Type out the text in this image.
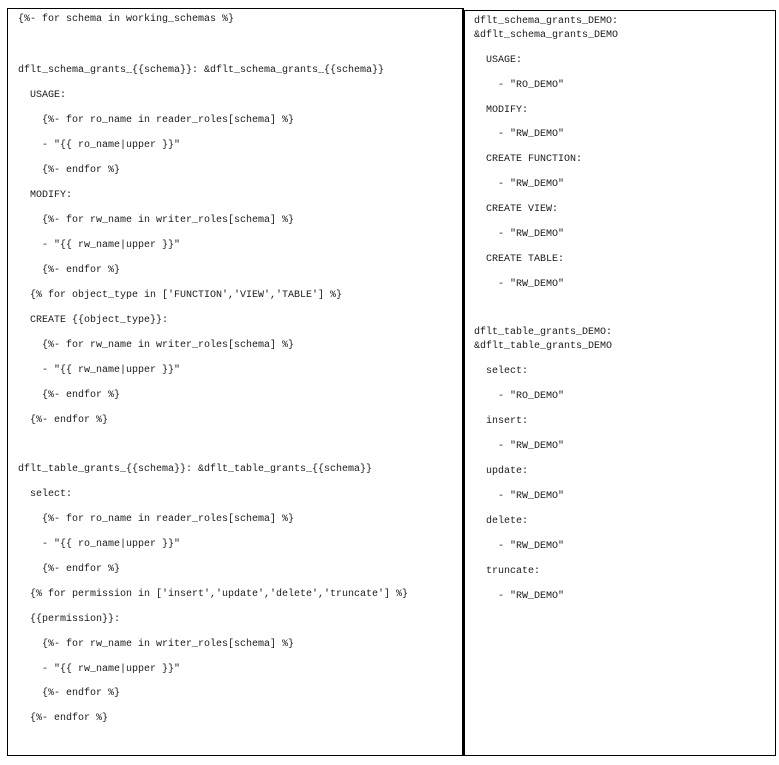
{%- for schema in working_schemas %}
dflt_schema_grants_{{schema}}: &dflt_schema_grants_{{schema}}
USAGE:
{%- for ro_name in reader_roles[schema] %}
- "{{ ro_name|upper }}"
{%- endfor %}
MODIFY:
{%- for rw_name in writer_roles[schema] %}
- "{{ rw_name|upper }}"
{%- endfor %}
{% for object_type in ['FUNCTION','VIEW','TABLE'] %}
CREATE {{object_type}}:
{%- for rw_name in writer_roles[schema] %}
- "{{ rw_name|upper }}"
{%- endfor %}
{%- endfor %}
dflt_table_grants_{{schema}}: &dflt_table_grants_{{schema}}
select:
{%- for ro_name in reader_roles[schema] %}
- "{{ ro_name|upper }}"
{%- endfor %}
{% for permission in ['insert','update','delete','truncate'] %}
{{permission}}:
{%- for rw_name in writer_roles[schema] %}
- "{{ rw_name|upper }}"
{%- endfor %}
{%- endfor %}
dflt_schema_grants_DEMO:
&dflt_schema_grants_DEMO
USAGE:
- "RO_DEMO"
MODIFY:
- "RW_DEMO"
CREATE FUNCTION:
- "RW_DEMO"
CREATE VIEW:
- "RW_DEMO"
CREATE TABLE:
- "RW_DEMO"
dflt_table_grants_DEMO:
&dflt_table_grants_DEMO
select:
- "RO_DEMO"
insert:
- "RW_DEMO"
update:
- "RW_DEMO"
delete:
- "RW_DEMO"
truncate:
- "RW_DEMO"
